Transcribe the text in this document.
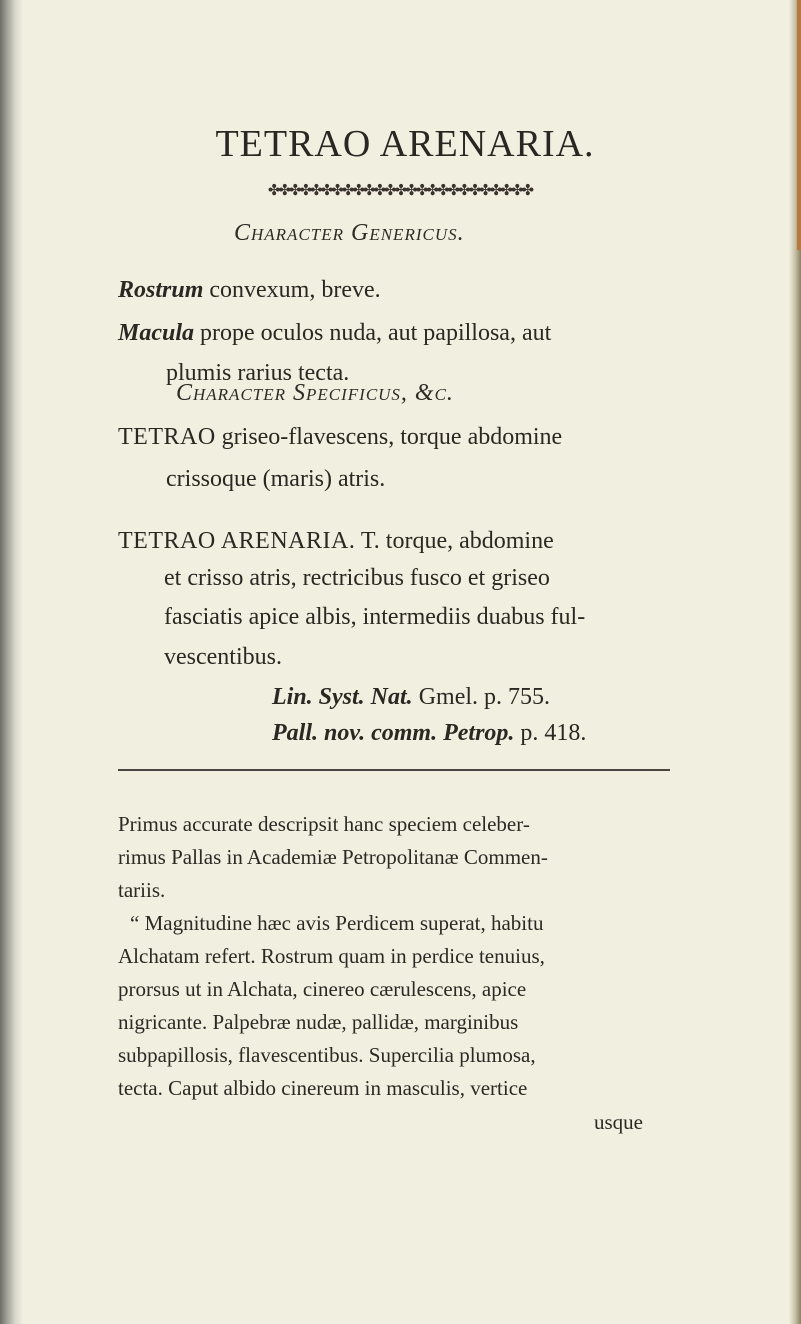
TETRAO ARENARIA.
✤✤✤✤✤✤✤✤✤✤✤✤✤✤✤✤✤✤✤✤✤✤✤✤✤
Character Genericus.
Rostrum convexum, breve.
Macula prope oculos nuda, aut papillosa, aut
plumis rarius tecta.
Character Specificus, &c.
TETRAO griseo-flavescens, torque abdomine
crissoque (maris) atris.
TETRAO ARENARIA. T. torque, abdomine
et crisso atris, rectricibus fusco et griseo
fasciatis apice albis, intermediis duabus ful-
vescentibus.
Lin. Syst. Nat. Gmel. p. 755.
Pall. nov. comm. Petrop. p. 418.
Primus accurate descripsit hanc speciem celeber-
rimus Pallas in Academiæ Petropolitanæ Commen-
tariis.
“ Magnitudine hæc avis Perdicem superat, habitu
Alchatam refert. Rostrum quam in perdice tenuius,
prorsus ut in Alchata, cinereo cærulescens, apice
nigricante. Palpebræ nudæ, pallidæ, marginibus
subpapillosis, flavescentibus. Supercilia plumosa,
tecta. Caput albido cinereum in masculis, vertice
usque
